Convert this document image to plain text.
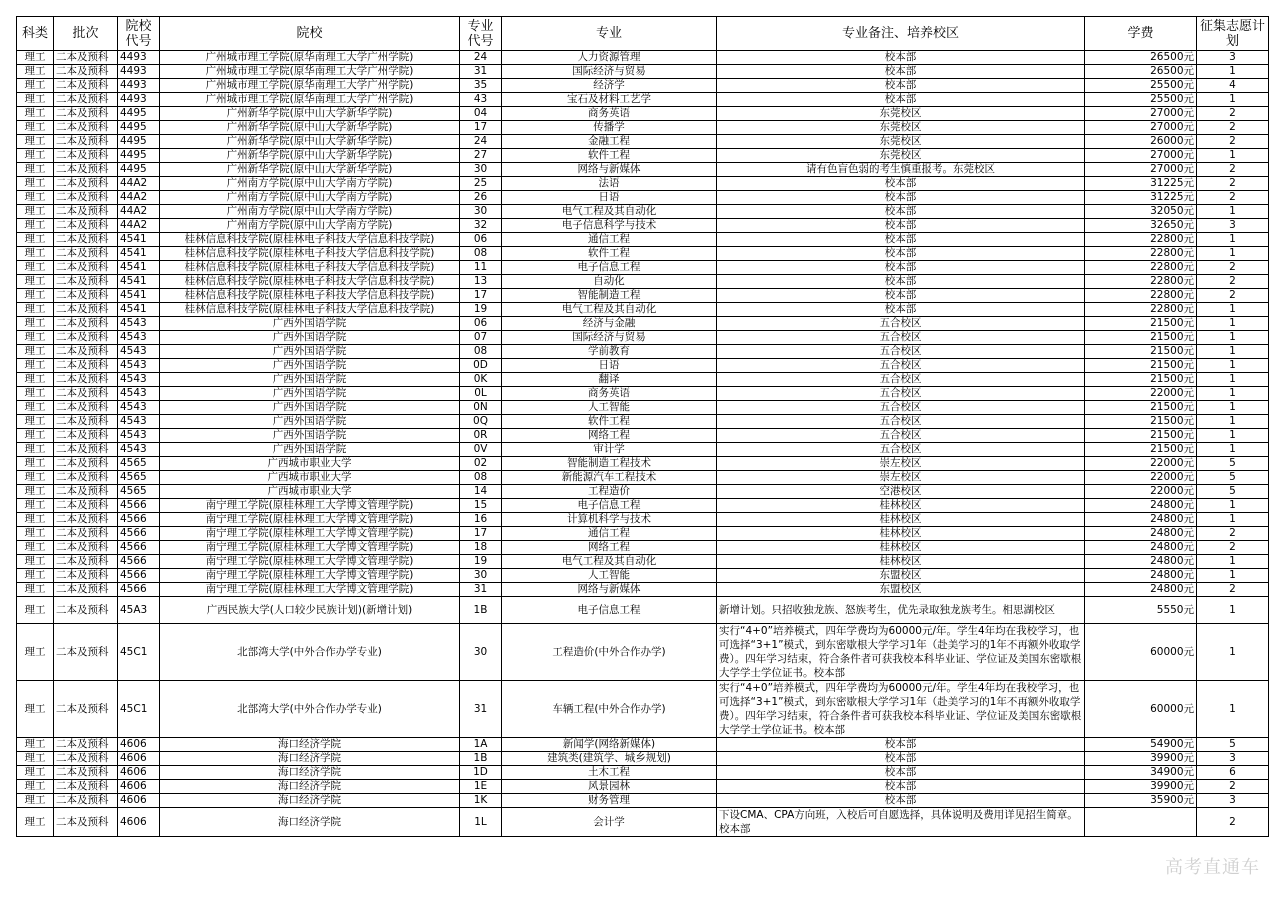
科类	批次	院校代号	院校	专业代号	专业	专业备注、培养校区	学费	征集志愿计划
理工	二本及预科	4493	广州城市理工学院(原华南理工大学广州学院)	24	人力资源管理	校本部	26500元	3
理工	二本及预科	4493	广州城市理工学院(原华南理工大学广州学院)	31	国际经济与贸易	校本部	26500元	1
理工	二本及预科	4493	广州城市理工学院(原华南理工大学广州学院)	35	经济学	校本部	25500元	4
理工	二本及预科	4493	广州城市理工学院(原华南理工大学广州学院)	43	宝石及材料工艺学	校本部	25500元	1
理工	二本及预科	4495	广州新华学院(原中山大学新华学院)	04	商务英语	东莞校区	27000元	2
理工	二本及预科	4495	广州新华学院(原中山大学新华学院)	17	传播学	东莞校区	27000元	2
理工	二本及预科	4495	广州新华学院(原中山大学新华学院)	24	金融工程	东莞校区	26000元	2
理工	二本及预科	4495	广州新华学院(原中山大学新华学院)	27	软件工程	东莞校区	27000元	1
理工	二本及预科	4495	广州新华学院(原中山大学新华学院)	30	网络与新媒体	请有色盲色弱的考生慎重报考。东莞校区	27000元	2
理工	二本及预科	44A2	广州南方学院(原中山大学南方学院)	25	法语	校本部	31225元	2
理工	二本及预科	44A2	广州南方学院(原中山大学南方学院)	26	日语	校本部	31225元	2
理工	二本及预科	44A2	广州南方学院(原中山大学南方学院)	30	电气工程及其自动化	校本部	32050元	1
理工	二本及预科	44A2	广州南方学院(原中山大学南方学院)	32	电子信息科学与技术	校本部	32650元	3
理工	二本及预科	4541	桂林信息科技学院(原桂林电子科技大学信息科技学院)	06	通信工程	校本部	22800元	1
理工	二本及预科	4541	桂林信息科技学院(原桂林电子科技大学信息科技学院)	08	软件工程	校本部	22800元	1
理工	二本及预科	4541	桂林信息科技学院(原桂林电子科技大学信息科技学院)	11	电子信息工程	校本部	22800元	2
理工	二本及预科	4541	桂林信息科技学院(原桂林电子科技大学信息科技学院)	13	自动化	校本部	22800元	2
理工	二本及预科	4541	桂林信息科技学院(原桂林电子科技大学信息科技学院)	17	智能制造工程	校本部	22800元	2
理工	二本及预科	4541	桂林信息科技学院(原桂林电子科技大学信息科技学院)	19	电气工程及其自动化	校本部	22800元	1
理工	二本及预科	4543	广西外国语学院	06	经济与金融	五合校区	21500元	1
理工	二本及预科	4543	广西外国语学院	07	国际经济与贸易	五合校区	21500元	1
理工	二本及预科	4543	广西外国语学院	08	学前教育	五合校区	21500元	1
理工	二本及预科	4543	广西外国语学院	0D	日语	五合校区	21500元	1
理工	二本及预科	4543	广西外国语学院	0K	翻译	五合校区	21500元	1
理工	二本及预科	4543	广西外国语学院	0L	商务英语	五合校区	22000元	1
理工	二本及预科	4543	广西外国语学院	0N	人工智能	五合校区	21500元	1
理工	二本及预科	4543	广西外国语学院	0Q	软件工程	五合校区	21500元	1
理工	二本及预科	4543	广西外国语学院	0R	网络工程	五合校区	21500元	1
理工	二本及预科	4543	广西外国语学院	0V	审计学	五合校区	21500元	1
理工	二本及预科	4565	广西城市职业大学	02	智能制造工程技术	崇左校区	22000元	5
理工	二本及预科	4565	广西城市职业大学	08	新能源汽车工程技术	崇左校区	22000元	5
理工	二本及预科	4565	广西城市职业大学	14	工程造价	空港校区	22000元	5
理工	二本及预科	4566	南宁理工学院(原桂林理工大学博文管理学院)	15	电子信息工程	桂林校区	24800元	1
理工	二本及预科	4566	南宁理工学院(原桂林理工大学博文管理学院)	16	计算机科学与技术	桂林校区	24800元	1
理工	二本及预科	4566	南宁理工学院(原桂林理工大学博文管理学院)	17	通信工程	桂林校区	24800元	2
理工	二本及预科	4566	南宁理工学院(原桂林理工大学博文管理学院)	18	网络工程	桂林校区	24800元	2
理工	二本及预科	4566	南宁理工学院(原桂林理工大学博文管理学院)	19	电气工程及其自动化	桂林校区	24800元	1
理工	二本及预科	4566	南宁理工学院(原桂林理工大学博文管理学院)	30	人工智能	东盟校区	24800元	1
理工	二本及预科	4566	南宁理工学院(原桂林理工大学博文管理学院)	31	网络与新媒体	东盟校区	24800元	2
理工	二本及预科	45A3	广西民族大学(人口较少民族计划)(新增计划)	1B	电子信息工程	新增计划。只招收独龙族、怒族考生，优先录取独龙族考生。相思湖校区	5550元	1
理工	二本及预科	45C1	北部湾大学(中外合作办学专业)	30	工程造价(中外合作办学)	实行“4+0”培养模式，四年学费均为60000元/年。学生4年均在我校学习，也可选择“3+1”模式，到东密歇根大学学习1年（赴美学习的1年不再额外收取学费）。四年学习结束，符合条件者可获我校本科毕业证、学位证及美国东密歇根大学学士学位证书。校本部	60000元	1
理工	二本及预科	45C1	北部湾大学(中外合作办学专业)	31	车辆工程(中外合作办学)	实行“4+0”培养模式，四年学费均为60000元/年。学生4年均在我校学习，也可选择“3+1”模式，到东密歇根大学学习1年（赴美学习的1年不再额外收取学费）。四年学习结束，符合条件者可获我校本科毕业证、学位证及美国东密歇根大学学士学位证书。校本部	60000元	1
理工	二本及预科	4606	海口经济学院	1A	新闻学(网络新媒体)	校本部	54900元	5
理工	二本及预科	4606	海口经济学院	1B	建筑类(建筑学、城乡规划)	校本部	39900元	3
理工	二本及预科	4606	海口经济学院	1D	土木工程	校本部	34900元	6
理工	二本及预科	4606	海口经济学院	1E	风景园林	校本部	39900元	2
理工	二本及预科	4606	海口经济学院	1K	财务管理	校本部	35900元	3
理工	二本及预科	4606	海口经济学院	1L	会计学	下设CMA、CPA方向班，入校后可自愿选择，具体说明及费用详见招生简章。校本部		2
高考直通车
